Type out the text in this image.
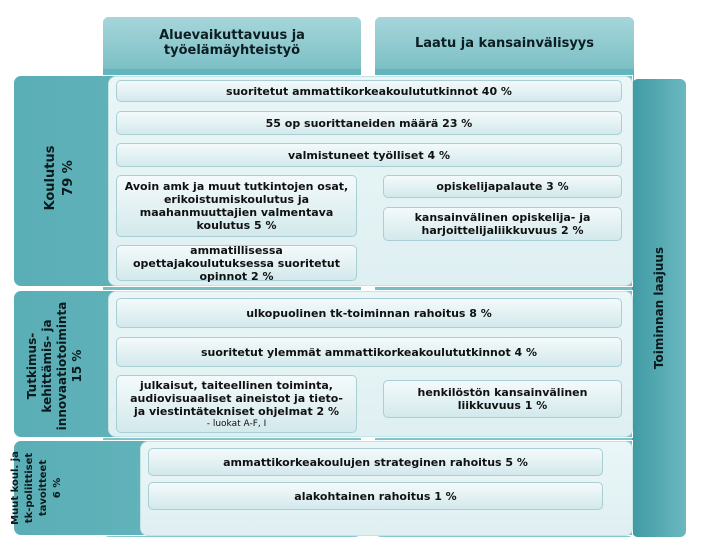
Aluevaikuttavuus ja
työelämäyhteistyö	Laatu ja kansainvälisyys
Toiminnan laajuus
Koulutus
79 %
Tutkimus-
kehittämis- ja
innovaatiotoiminta
15 %
Muut koul. ja
tk-poliittiset
tavoitteet
6 %
suoritetut ammattikorkeakoulututkinnot 40 %
55 op suorittaneiden määrä 23 %
valmistuneet työlliset 4 %
Avoin amk ja muut tutkintojen osat, erikoistumiskoulutus ja maahanmuuttajien valmentava koulutus 5 %
opiskelijapalaute 3 %
kansainvälinen opiskelija- ja harjoittelijaliikkuvuus 2 %
ammatillisessa opettajakoulutuksessa suoritetut opinnot 2 %
ulkopuolinen tk-toiminnan rahoitus 8 %
suoritetut ylemmät ammattikorkeakoulututkinnot 4 %
julkaisut, taiteellinen toiminta, audiovisuaaliset aineistot ja tieto- ja viestintätekniset ohjelmat 2 %
- luokat A-F, I
henkilöstön kansainvälinen liikkuvuus 1 %
ammattikorkeakoulujen strateginen rahoitus 5 %
alakohtainen rahoitus 1 %
